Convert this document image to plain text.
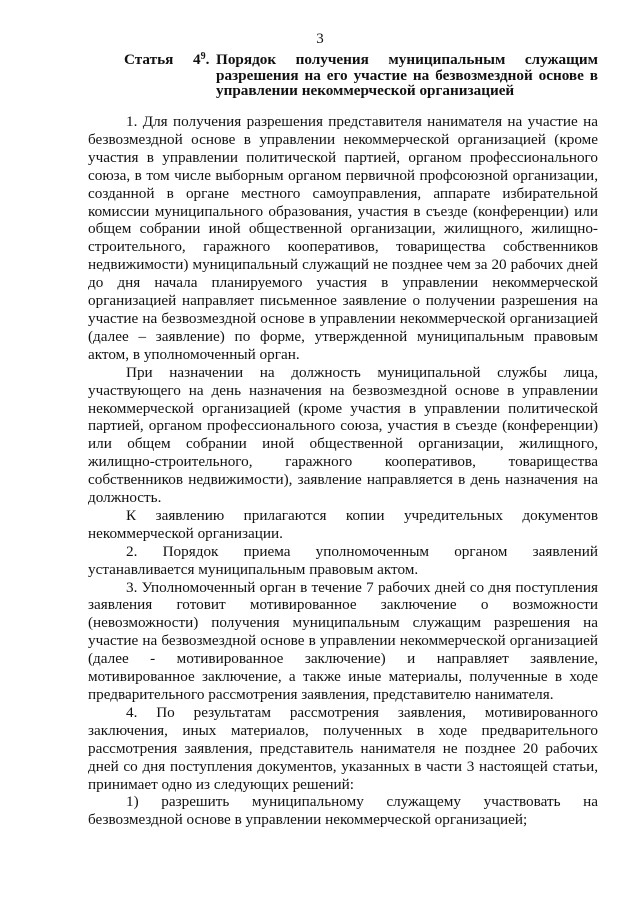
3
Статья $4^9$. Порядок получения муниципальным служащим разрешения на его участие на безвозмездной основе в управлении некоммерческой организацией

1. Для получения разрешения представителя нанимателя на участие на безвозмездной основе в управлении некоммерческой организацией (кроме участия в управлении политической партией, органом профессионального союза, в том числе выборным органом первичной профсоюзной организации, созданной в органе местного самоуправления, аппарате избирательной комиссии муниципального образования, участия в съезде (конференции) или общем собрании иной общественной организации, жилищного, жилищно-строительного, гаражного кооперативов, товарищества собственников недвижимости) муниципальный служащий не позднее чем за 20 рабочих дней до дня начала планируемого участия в управлении некоммерческой организацией направляет письменное заявление о получении разрешения на участие на безвозмездной основе в управлении некоммерческой организацией (далее – заявление) по форме, утвержденной муниципальным правовым актом, в уполномоченный орган.

При назначении на должность муниципальной службы лица, участвующего на день назначения на безвозмездной основе в управлении некоммерческой организацией (кроме участия в управлении политической партией, органом профессионального союза, участия в съезде (конференции) или общем собрании иной общественной организации, жилищного, жилищно-строительного, гаражного кооперативов, товарищества собственников недвижимости), заявление направляется в день назначения на должность.

К заявлению прилагаются копии учредительных документов некоммерческой организации.

2. Порядок приема уполномоченным органом заявлений устанавливается муниципальным правовым актом.

3. Уполномоченный орган в течение 7 рабочих дней со дня поступления заявления готовит мотивированное заключение о возможности (невозможности) получения муниципальным служащим разрешения на участие на безвозмездной основе в управлении некоммерческой организацией (далее - мотивированное заключение) и направляет заявление, мотивированное заключение, а также иные материалы, полученные в ходе предварительного рассмотрения заявления, представителю нанимателя.

4. По результатам рассмотрения заявления, мотивированного заключения, иных материалов, полученных в ходе предварительного рассмотрения заявления, представитель нанимателя не позднее 20 рабочих дней со дня поступления документов, указанных в части 3 настоящей статьи, принимает одно из следующих решений:

1) разрешить муниципальному служащему участвовать на безвозмездной основе в управлении некоммерческой организацией;
